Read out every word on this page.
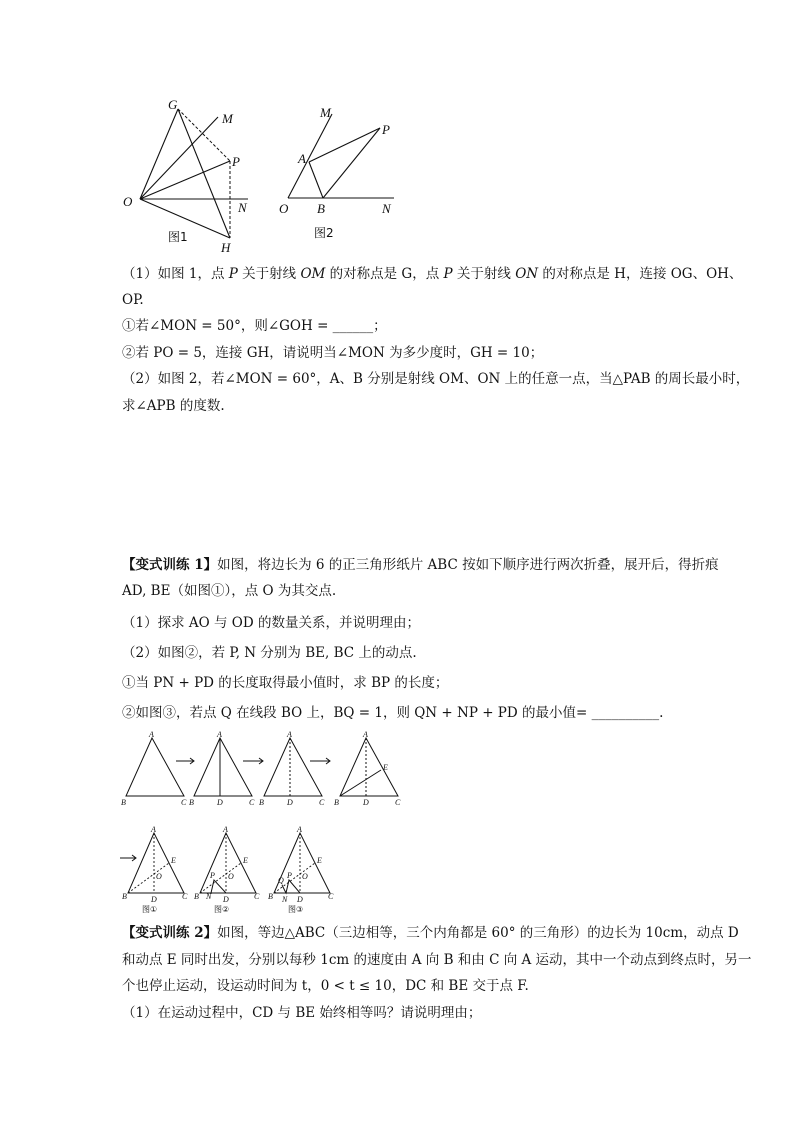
G
M
P
O	N
H
图1
M
P
A
O B	N
图2
（1）如图 1，点 P 关于射线 OM 的对称点是 G，点 P 关于射线 ON 的对称点是 H，连接 OG、OH、
OP.
①若∠MON = 50°，则∠GOH = ______；
②若 PO = 5，连接 GH，请说明当∠MON 为多少度时，GH = 10；
（2）如图 2，若∠MON = 60°，A、B 分别是射线 OM、ON 上的任意一点，当△PAB 的周长最小时，
求∠APB 的度数.
【变式训练 1】如图，将边长为 6 的正三角形纸片 ABC 按如下顺序进行两次折叠，展开后，得折痕
AD, BE（如图①），点 O 为其交点.
（1）探求 AO 与 OD 的数量关系，并说明理由；
（2）如图②，若 P, N 分别为 BE, BC 上的动点.
①当 PN + PD 的长度取得最小值时，求 BP 的长度；
②如图③，若点 Q 在线段 BO 上，BQ = 1，则 QN + NP + PD 的最小值= __________.
A
B	C
A
B	D	C
A
B	D	C
A
E
B	D	C
A
E
O
B	D	C
图①
A
E
O
P
B N D	C
图②
A
E
O
Q
P
B N D	C
图③
【变式训练 2】如图，等边△ABC（三边相等，三个内角都是 60° 的三角形）的边长为 10cm，动点 D
和动点 E 同时出发，分别以每秒 1cm 的速度由 A 向 B 和由 C 向 A 运动，其中一个动点到终点时，另一
个也停止运动，设运动时间为 t，0 < t ≤ 10，DC 和 BE 交于点 F.
（1）在运动过程中，CD 与 BE 始终相等吗？请说明理由；
